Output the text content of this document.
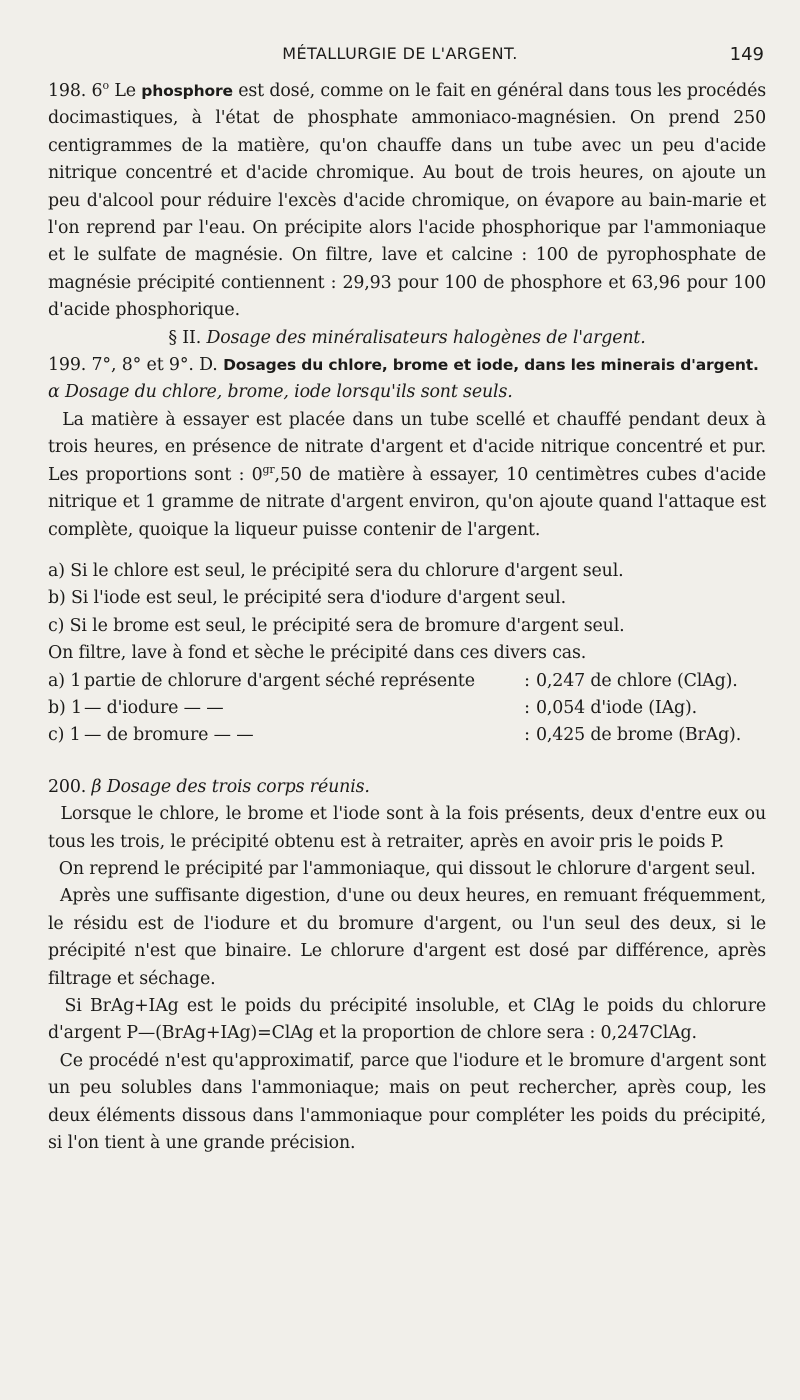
MÉTALLURGIE DE L'ARGENT.	149

198. 6$^o$ Le phosphore est dosé, comme on le fait en général dans tous les procédés docimastiques, à l'état de phosphate ammoniaco-magnésien. On prend 250 centigrammes de la matière, qu'on chauffe dans un tube avec un peu d'acide nitrique concentré et d'acide chromique. Au bout de trois heures, on ajoute un peu d'alcool pour réduire l'excès d'acide chromique, on évapore au bain-marie et l'on reprend par l'eau. On précipite alors l'acide phosphorique par l'ammoniaque et le sulfate de magnésie. On filtre, lave et calcine : 100 de pyrophosphate de magnésie précipité contiennent : 29,93 pour 100 de phosphore et 63,96 pour 100 d'acide phosphorique.

§ II. Dosage des minéralisateurs halogènes de l'argent.

199. 7°, 8° et 9°. D. Dosages du chlore, brome et iode, dans les minerais d'argent.

α Dosage du chlore, brome, iode lorsqu'ils sont seuls.

La matière à essayer est placée dans un tube scellé et chauffé pendant deux à trois heures, en présence de nitrate d'argent et d'acide nitrique concentré et pur. Les proportions sont : $0^{gr},50$ de matière à essayer, 10 centimètres cubes d'acide nitrique et 1 gramme de nitrate d'argent environ, qu'on ajoute quand l'attaque est complète, quoique la liqueur puisse contenir de l'argent.

a) Si le chlore est seul, le précipité sera du chlorure d'argent seul.

b) Si l'iode est seul, le précipité sera d'iodure d'argent seul.

c) Si le brome est seul, le précipité sera de bromure d'argent seul.

On filtre, lave à fond et sèche le précipité dans ces divers cas.

a) 1 partie de chlorure d'argent séché représente	: 0,247 de chlore (ClAg).
b) 1 — d'iodure — —	: 0,054 d'iode (IAg).
c) 1 — de bromure — —	: 0,425 de brome (BrAg).

200. β Dosage des trois corps réunis.

Lorsque le chlore, le brome et l'iode sont à la fois présents, deux d'entre eux ou tous les trois, le précipité obtenu est à retraiter, après en avoir pris le poids P.

On reprend le précipité par l'ammoniaque, qui dissout le chlorure d'argent seul.

Après une suffisante digestion, d'une ou deux heures, en remuant fréquemment, le résidu est de l'iodure et du bromure d'argent, ou l'un seul des deux, si le précipité n'est que binaire. Le chlorure d'argent est dosé par différence, après filtrage et séchage.

Si BrAg+IAg est le poids du précipité insoluble, et ClAg le poids du chlorure d'argent P—(BrAg+IAg)=ClAg et la proportion de chlore sera : 0,247ClAg.

Ce procédé n'est qu'approximatif, parce que l'iodure et le bromure d'argent sont un peu solubles dans l'ammoniaque; mais on peut rechercher, après coup, les deux éléments dissous dans l'ammoniaque pour compléter les poids du précipité, si l'on tient à une grande précision.
